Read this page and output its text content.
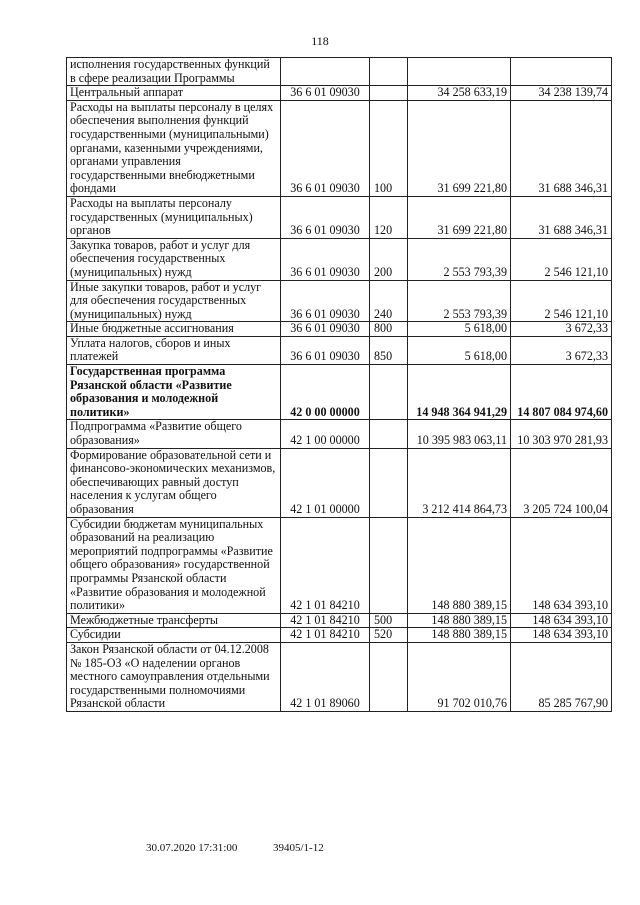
118
исполнения государственных функций в сфере реализации Программы				
Центральный аппарат	36 6 01 09030		34 258 633,19	34 238 139,74
Расходы на выплаты персоналу в целях обеспечения выполнения функций государственными (муниципальными) органами, казенными учреждениями, органами управления государственными внебюджетными фондами	36 6 01 09030	100	31 699 221,80	31 688 346,31
Расходы на выплаты персоналу государственных (муниципальных) органов	36 6 01 09030	120	31 699 221,80	31 688 346,31
Закупка товаров, работ и услуг для обеспечения государственных (муниципальных) нужд	36 6 01 09030	200	2 553 793,39	2 546 121,10
Иные закупки товаров, работ и услуг для обеспечения государственных (муниципальных) нужд	36 6 01 09030	240	2 553 793,39	2 546 121,10
Иные бюджетные ассигнования	36 6 01 09030	800	5 618,00	3 672,33
Уплата налогов, сборов и иных платежей	36 6 01 09030	850	5 618,00	3 672,33
Государственная программа Рязанской области «Развитие образования и молодежной политики»	42 0 00 00000		14 948 364 941,29	14 807 084 974,60
Подпрограмма «Развитие общего образования»	42 1 00 00000		10 395 983 063,11	10 303 970 281,93
Формирование образовательной сети и финансово-экономических механизмов, обеспечивающих равный доступ населения к услугам общего образования	42 1 01 00000		3 212 414 864,73	3 205 724 100,04
Субсидии бюджетам муниципальных образований на реализацию мероприятий подпрограммы «Развитие общего образования» государственной программы Рязанской области «Развитие образования и молодежной политики»	42 1 01 84210		148 880 389,15	148 634 393,10
Межбюджетные трансферты	42 1 01 84210	500	148 880 389,15	148 634 393,10
Субсидии	42 1 01 84210	520	148 880 389,15	148 634 393,10
Закон Рязанской области от 04.12.2008 № 185-ОЗ «О наделении органов местного самоуправления отдельными государственными полномочиями Рязанской области	42 1 01 89060		91 702 010,76	85 285 767,90
30.07.2020 17:31:00	39405/1-12
